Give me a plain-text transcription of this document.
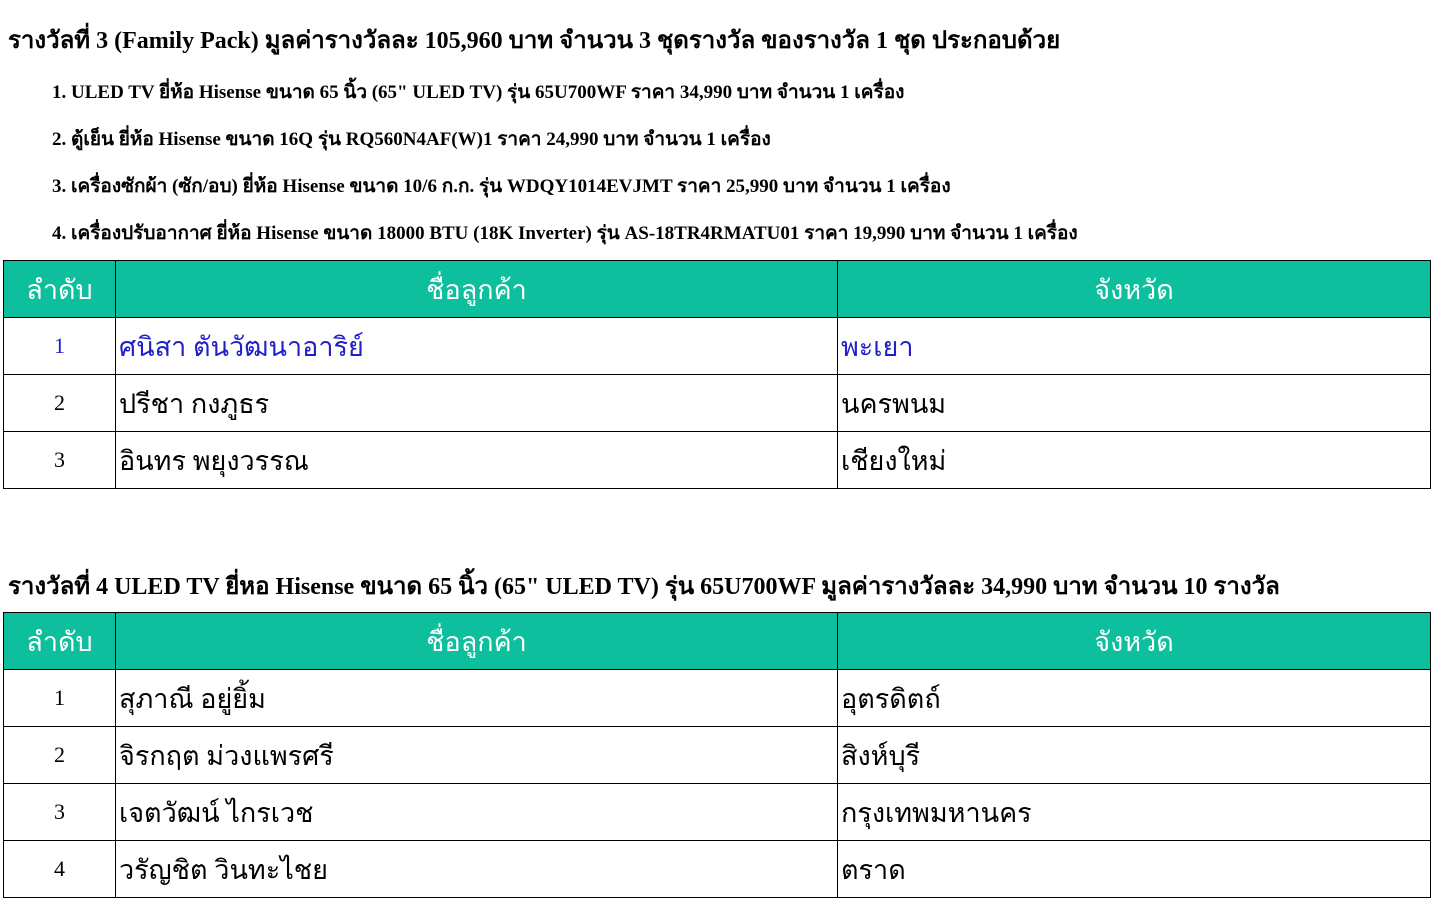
รางวัลที่ 3 (Family Pack) มูลค่ารางวัลละ 105,960 บาท จำนวน 3 ชุดรางวัล ของรางวัล 1 ชุด ประกอบด้วย
1. ULED TV ยี่ห้อ Hisense ขนาด 65 นิ้ว (65" ULED TV) รุ่น 65U700WF ราคา 34,990 บาท จำนวน 1 เครื่อง
2. ตู้เย็น ยี่ห้อ Hisense ขนาด 16Q รุ่น RQ560N4AF(W)1 ราคา 24,990 บาท จำนวน 1 เครื่อง
3. เครื่องซักผ้า (ซัก/อบ) ยี่ห้อ Hisense ขนาด 10/6 ก.ก. รุ่น WDQY1014EVJMT ราคา 25,990 บาท จำนวน 1 เครื่อง
4. เครื่องปรับอากาศ ยี่ห้อ Hisense ขนาด 18000 BTU (18K Inverter) รุ่น AS-18TR4RMATU01 ราคา 19,990 บาท จำนวน 1 เครื่อง
ลำดับ	ชื่อลูกค้า	จังหวัด
1	ศนิสา ตันวัฒนาอาริย์	พะเยา
2	ปรีชา กงภูธร	นครพนม
3	อินทร พยุงวรรณ	เชียงใหม่
รางวัลที่ 4 ULED TV ยี่หอ Hisense ขนาด 65 นิ้ว (65" ULED TV) รุ่น 65U700WF มูลค่ารางวัลละ 34,990 บาท จำนวน 10 รางวัล
ลำดับ	ชื่อลูกค้า	จังหวัด
1	สุภาณี อยู่ยิ้ม	อุตรดิตถ์
2	จิรกฤต ม่วงแพรศรี	สิงห์บุรี
3	เจตวัฒน์ ไกรเวช	กรุงเทพมหานคร
4	วรัญชิต วินทะไชย	ตราด
